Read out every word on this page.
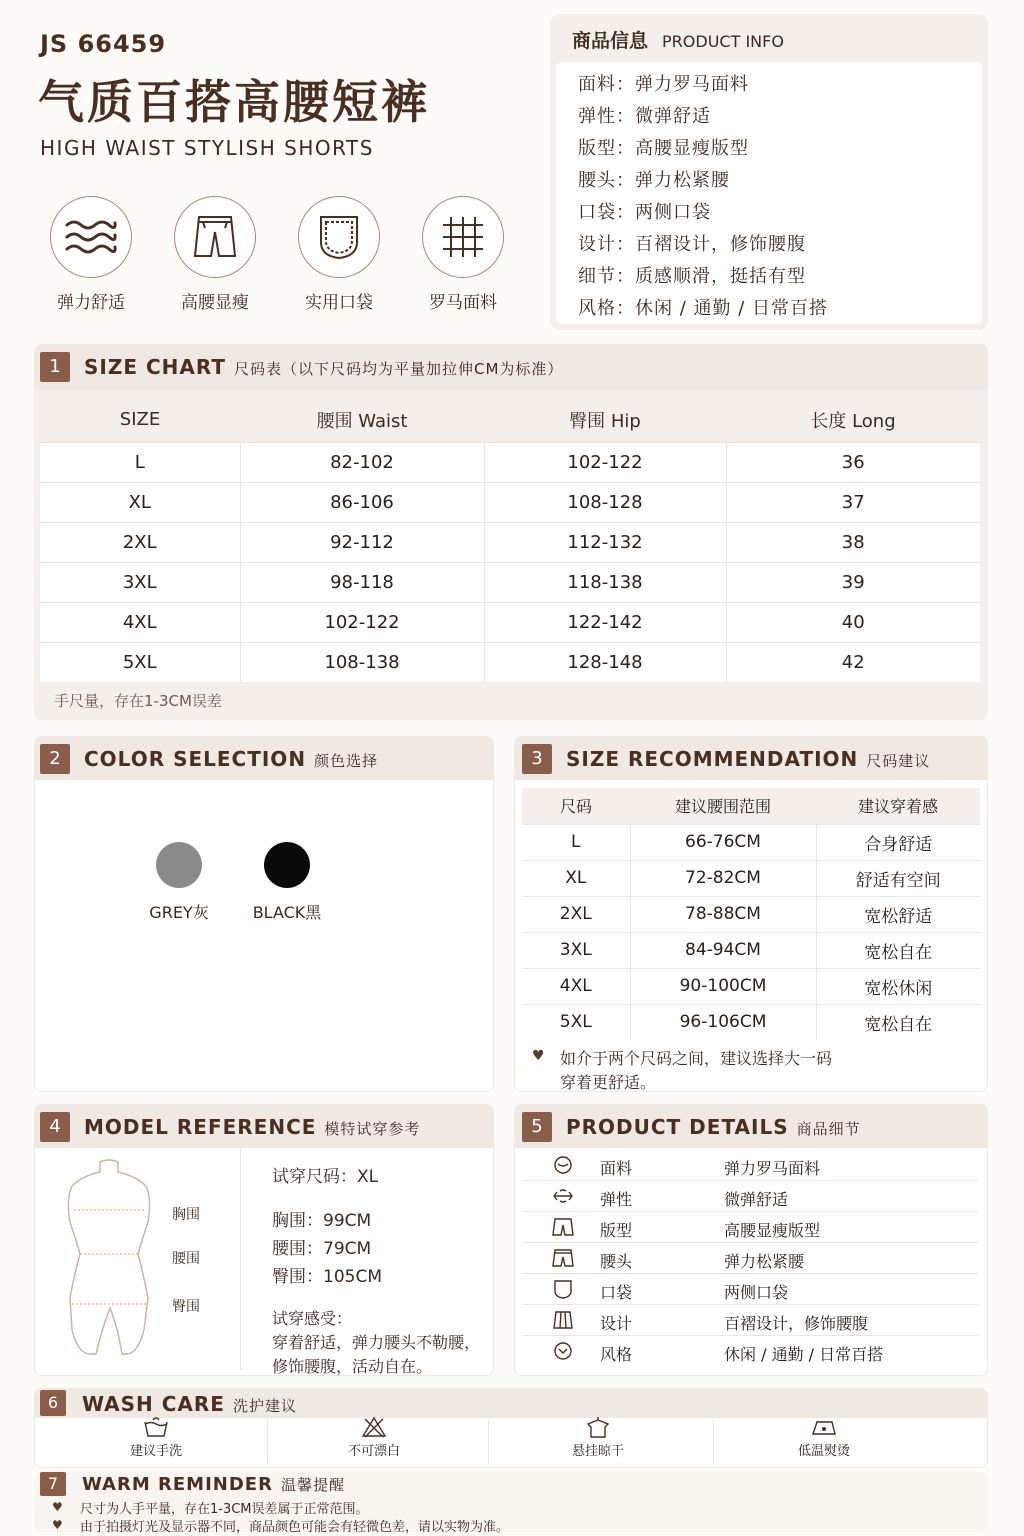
JS 66459
气质百搭高腰短裤
HIGH WAIST STYLISH SHORTS
弹力舒适	高腰显瘦	实用口袋	罗马面料
商品信息 PRODUCT INFO
面料：弹力罗马面料
弹性：微弹舒适
版型：高腰显瘦版型
腰头：弹力松紧腰
口袋：两侧口袋
设计：百褶设计，修饰腰腹
细节：质感顺滑，挺括有型
风格：休闲 / 通勤 / 日常百搭
1	SIZE CHART 尺码表（以下尺码均为平量加拉伸CM为标准）
SIZE	腰围 Waist	臀围 Hip	长度 Long
L	82-102	102-122	36
XL	86-106	108-128	37
2XL	92-112	112-132	38
3XL	98-118	118-138	39
4XL	102-122	122-142	40
5XL	108-138	128-148	42
手尺量，存在1-3CM误差
2	COLOR SELECTION 颜色选择
GREY灰	BLACK黑
3	SIZE RECOMMENDATION 尺码建议
尺码	建议腰围范围	建议穿着感
L	66-76CM	合身舒适
XL	72-82CM	舒适有空间
2XL	78-88CM	宽松舒适
3XL	84-94CM	宽松自在
4XL	90-100CM	宽松休闲
5XL	96-106CM	宽松自在
♥ 如介于两个尺码之间，建议选择大一码
穿着更舒适。
4	MODEL REFERENCE 模特试穿参考
胸围
腰围
臀围
试穿尺码：XL
胸围：99CM
腰围：79CM
臀围：105CM
试穿感受：
穿着舒适，弹力腰头不勒腰，
修饰腰腹，活动自在。
5	PRODUCT DETAILS 商品细节
面料	弹力罗马面料
弹性	微弹舒适
版型	高腰显瘦版型
腰头	弹力松紧腰
口袋	两侧口袋
设计	百褶设计，修饰腰腹
风格	休闲 / 通勤 / 日常百搭
6	WASH CARE 洗护建议
建议手洗	不可漂白	悬挂晾干	低温熨烫
7	WARM REMINDER 温馨提醒
♥ 尺寸为人手平量，存在1-3CM误差属于正常范围。
♥ 由于拍摄灯光及显示器不同，商品颜色可能会有轻微色差，请以实物为准。
